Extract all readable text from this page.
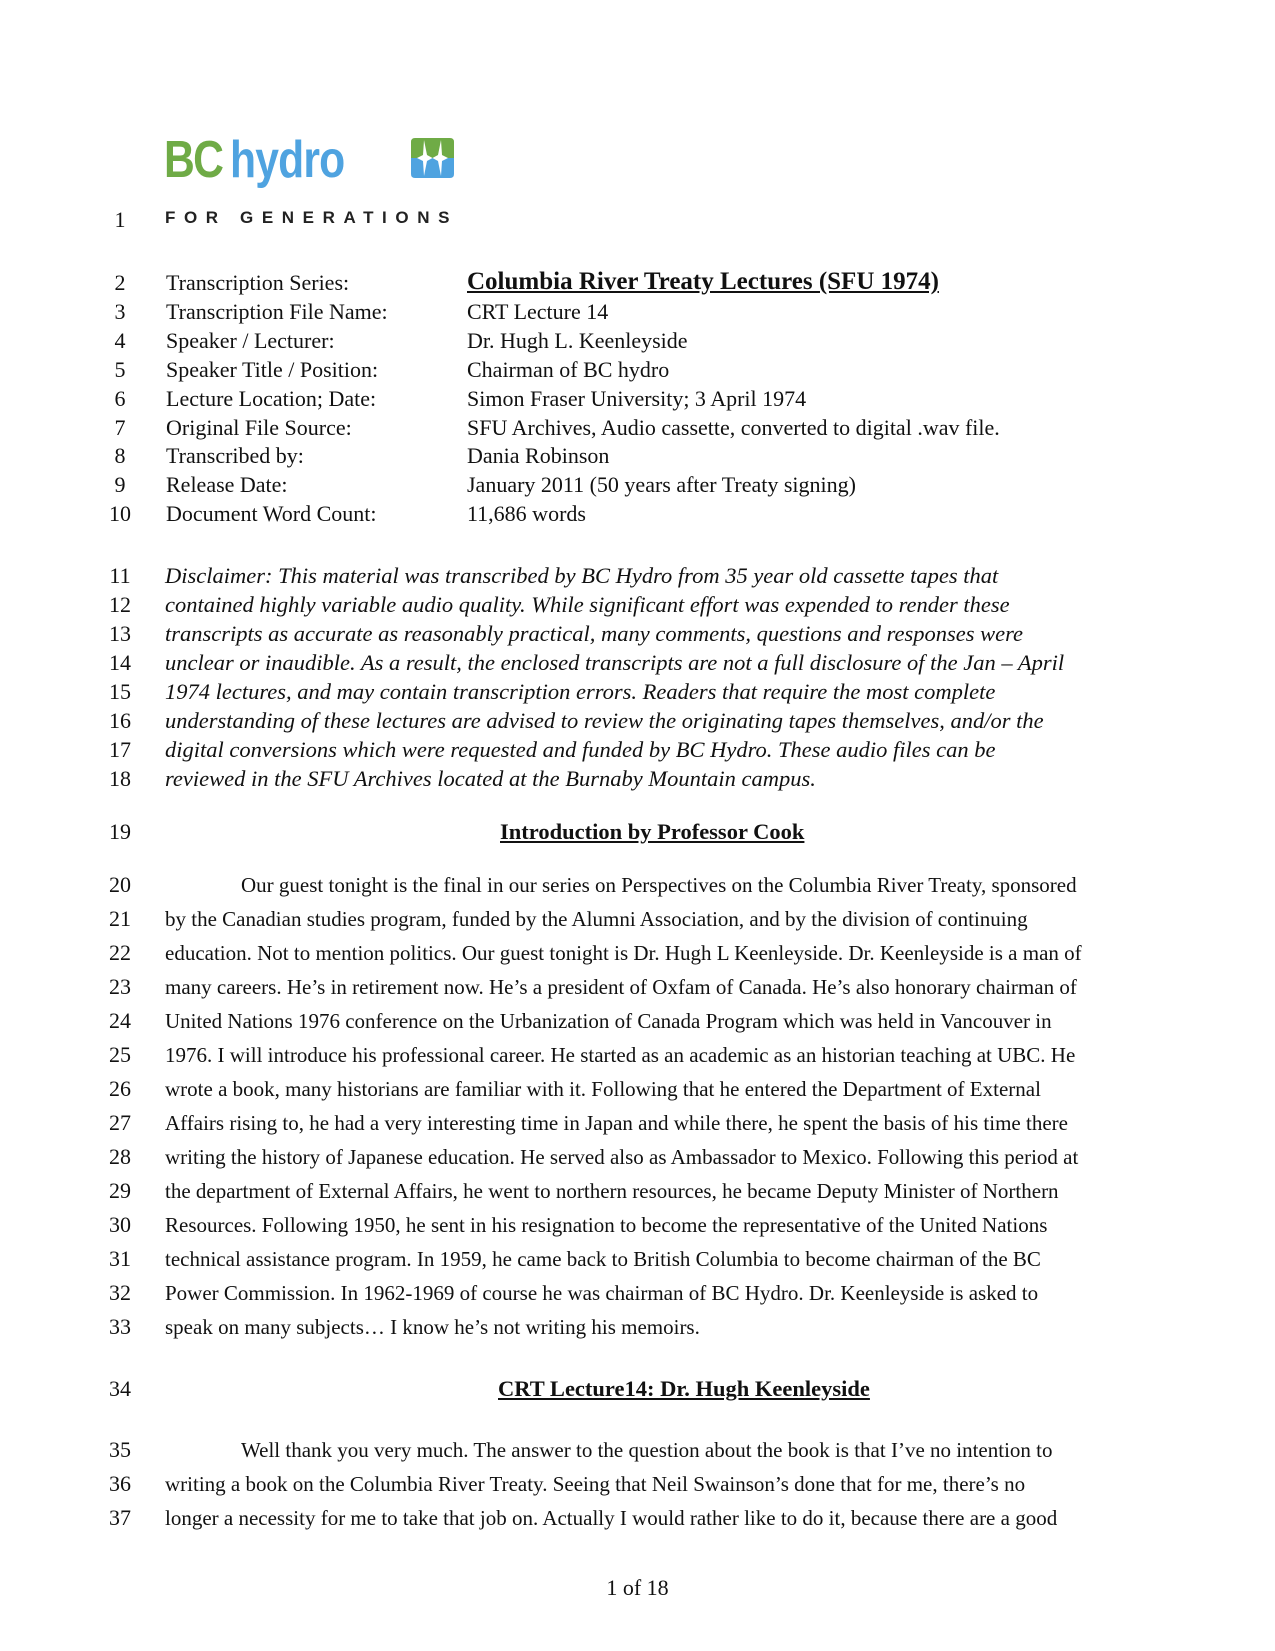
BC hydro
FOR GENERATIONS
1
2
3
4
5
6
7
8
9
10
11
12
13
14
15
16
17
18
19
20
21
22
23
24
25
26
27
28
29
30
31
32
33
34
35
36
37
Transcription Series:	Columbia River Treaty Lectures (SFU 1974)
Transcription File Name:	CRT Lecture 14
Speaker / Lecturer:	Dr. Hugh L. Keenleyside
Speaker Title / Position:	Chairman of BC hydro
Lecture Location; Date:	Simon Fraser University; 3 April 1974
Original File Source:	SFU Archives, Audio cassette, converted to digital .wav file.
Transcribed by:	Dania Robinson
Release Date:	January 2011 (50 years after Treaty signing)
Document Word Count:	11,686 words
Disclaimer: This material was transcribed by BC Hydro from 35 year old cassette tapes that
contained highly variable audio quality. While significant effort was expended to render these
transcripts as accurate as reasonably practical, many comments, questions and responses were
unclear or inaudible. As a result, the enclosed transcripts are not a full disclosure of the Jan – April
1974 lectures, and may contain transcription errors. Readers that require the most complete
understanding of these lectures are advised to review the originating tapes themselves, and/or the
digital conversions which were requested and funded by BC Hydro. These audio files can be
reviewed in the SFU Archives located at the Burnaby Mountain campus.
Introduction by Professor Cook
Our guest tonight is the final in our series on Perspectives on the Columbia River Treaty, sponsored
by the Canadian studies program, funded by the Alumni Association, and by the division of continuing
education. Not to mention politics. Our guest tonight is Dr. Hugh L Keenleyside. Dr. Keenleyside is a man of
many careers. He’s in retirement now. He’s a president of Oxfam of Canada. He’s also honorary chairman of
United Nations 1976 conference on the Urbanization of Canada Program which was held in Vancouver in
1976. I will introduce his professional career. He started as an academic as an historian teaching at UBC. He
wrote a book, many historians are familiar with it. Following that he entered the Department of External
Affairs rising to, he had a very interesting time in Japan and while there, he spent the basis of his time there
writing the history of Japanese education. He served also as Ambassador to Mexico. Following this period at
the department of External Affairs, he went to northern resources, he became Deputy Minister of Northern
Resources. Following 1950, he sent in his resignation to become the representative of the United Nations
technical assistance program. In 1959, he came back to British Columbia to become chairman of the BC
Power Commission. In 1962-1969 of course he was chairman of BC Hydro. Dr. Keenleyside is asked to
speak on many subjects… I know he’s not writing his memoirs.
CRT Lecture14: Dr. Hugh Keenleyside
Well thank you very much. The answer to the question about the book is that I’ve no intention to
writing a book on the Columbia River Treaty. Seeing that Neil Swainson’s done that for me, there’s no
longer a necessity for me to take that job on. Actually I would rather like to do it, because there are a good
1 of 18
